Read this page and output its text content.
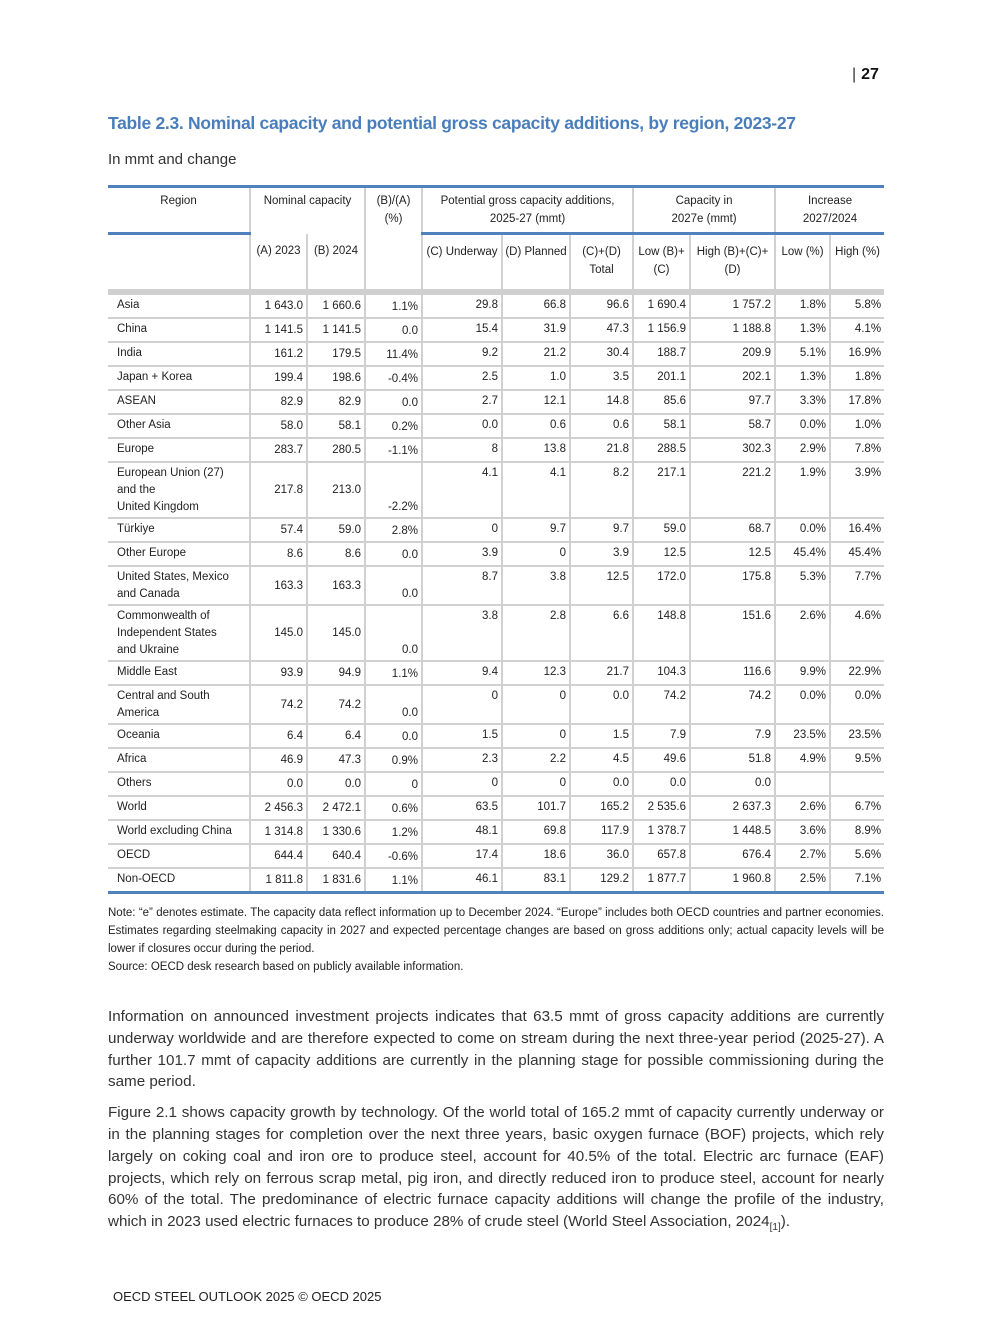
| 27
Table 2.3. Nominal capacity and potential gross capacity additions, by region, 2023-27
In mmt and change
Region	Nominal capacity		(B)/(A) (%)	Potential gross capacity additions, 2025-27 (mmt)			Capacity in 2027e (mmt)		Increase 2027/2024	
	(A) 2023	(B) 2024		(C) Underway	(D) Planned	(C)+(D) Total	Low (B)+(C)	High (B)+(C)+(D)	Low (%)	High (%)
Asia	1 643.0	1 660.6	1.1%	29.8	66.8	96.6	1 690.4	1 757.2	1.8%	5.8%
China	1 141.5	1 141.5	0.0	15.4	31.9	47.3	1 156.9	1 188.8	1.3%	4.1%
India	161.2	179.5	11.4%	9.2	21.2	30.4	188.7	209.9	5.1%	16.9%
Japan + Korea	199.4	198.6	-0.4%	2.5	1.0	3.5	201.1	202.1	1.3%	1.8%
ASEAN	82.9	82.9	0.0	2.7	12.1	14.8	85.6	97.7	3.3%	17.8%
Other Asia	58.0	58.1	0.2%	0.0	0.6	0.6	58.1	58.7	0.0%	1.0%
Europe	283.7	280.5	-1.1%	8	13.8	21.8	288.5	302.3	2.9%	7.8%
European Union (27)
and the
United Kingdom	217.8	213.0	-2.2%	4.1	4.1	8.2	217.1	221.2	1.9%	3.9%
Türkiye	57.4	59.0	2.8%	0	9.7	9.7	59.0	68.7	0.0%	16.4%
Other Europe	8.6	8.6	0.0	3.9	0	3.9	12.5	12.5	45.4%	45.4%
United States, Mexico
and Canada	163.3	163.3	0.0	8.7	3.8	12.5	172.0	175.8	5.3%	7.7%
Commonwealth of
Independent States
and Ukraine	145.0	145.0	0.0	3.8	2.8	6.6	148.8	151.6	2.6%	4.6%
Middle East	93.9	94.9	1.1%	9.4	12.3	21.7	104.3	116.6	9.9%	22.9%
Central and South
America	74.2	74.2	0.0	0	0	0.0	74.2	74.2	0.0%	0.0%
Oceania	6.4	6.4	0.0	1.5	0	1.5	7.9	7.9	23.5%	23.5%
Africa	46.9	47.3	0.9%	2.3	2.2	4.5	49.6	51.8	4.9%	9.5%
Others	0.0	0.0	0	0	0	0.0	0.0	0.0		
World	2 456.3	2 472.1	0.6%	63.5	101.7	165.2	2 535.6	2 637.3	2.6%	6.7%
World excluding China	1 314.8	1 330.6	1.2%	48.1	69.8	117.9	1 378.7	1 448.5	3.6%	8.9%
OECD	644.4	640.4	-0.6%	17.4	18.6	36.0	657.8	676.4	2.7%	5.6%
Non-OECD	1 811.8	1 831.6	1.1%	46.1	83.1	129.2	1 877.7	1 960.8	2.5%	7.1%
Note: “e” denotes estimate. The capacity data reflect information up to December 2024. “Europe” includes both OECD countries and partner economies. Estimates regarding steelmaking capacity in 2027 and expected percentage changes are based on gross additions only; actual capacity levels will be lower if closures occur during the period.
Source: OECD desk research based on publicly available information.
Information on announced investment projects indicates that 63.5 mmt of gross capacity additions are currently underway worldwide and are therefore expected to come on stream during the next three-year period (2025-27). A further 101.7 mmt of capacity additions are currently in the planning stage for possible commissioning during the same period.
Figure 2.1 shows capacity growth by technology. Of the world total of 165.2 mmt of capacity currently underway or in the planning stages for completion over the next three years, basic oxygen furnace (BOF) projects, which rely largely on coking coal and iron ore to produce steel, account for 40.5% of the total. Electric arc furnace (EAF) projects, which rely on ferrous scrap metal, pig iron, and directly reduced iron to produce steel, account for nearly 60% of the total. The predominance of electric furnace capacity additions will change the profile of the industry, which in 2023 used electric furnaces to produce 28% of crude steel (World Steel Association, $2024_{[1]}$).
OECD STEEL OUTLOOK 2025 © OECD 2025
